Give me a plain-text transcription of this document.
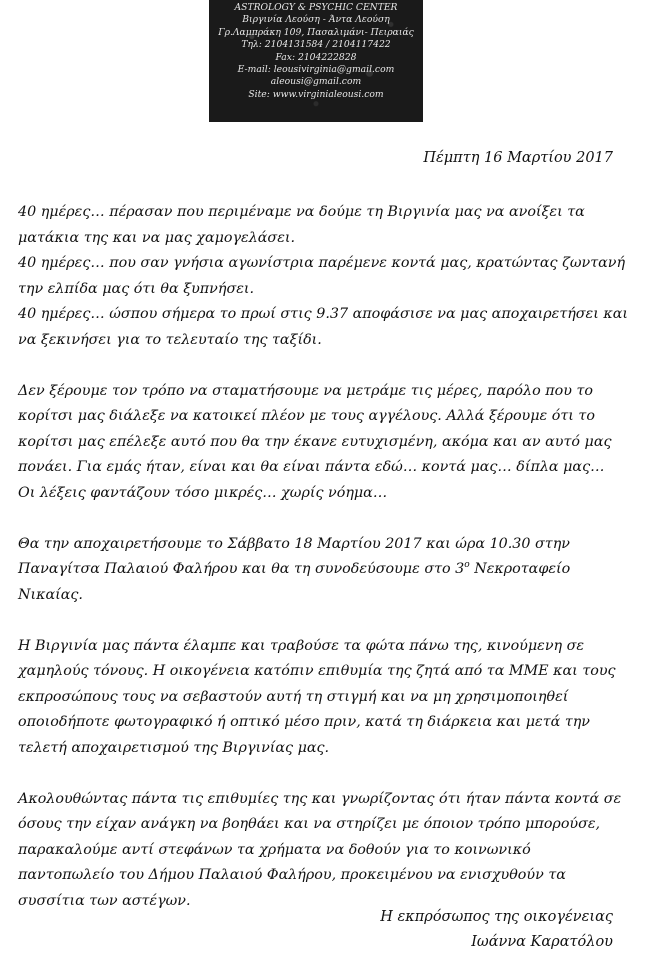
ASTROLOGY & PSYCHIC CENTER
Βιργινία Λεούση - Άντα Λεούση
Γρ.Λαμπράκη 109, Πασαλιμάνι- Πειραιάς
Τηλ: 2104131584 / 2104117422
Fax: 2104222828
E-mail: leousivirginia@gmail.com
aleousi@gmail.com
Site: www.virginialeousi.com
Πέμπτη 16 Μαρτίου 2017

40 ημέρες… πέρασαν που περιμέναμε να δούμε τη Βιργινία μας να ανοίξει τα
ματάκια της και να μας χαμογελάσει.
40 ημέρες… που σαν γνήσια αγωνίστρια παρέμενε κοντά μας, κρατώντας ζωντανή
την ελπίδα μας ότι θα ξυπνήσει.
40 ημέρες… ώσπου σήμερα το πρωί στις 9.37 αποφάσισε να μας αποχαιρετήσει και
να ξεκινήσει για το τελευταίο της ταξίδι.

Δεν ξέρουμε τον τρόπο να σταματήσουμε να μετράμε τις μέρες, παρόλο που το
κορίτσι μας διάλεξε να κατοικεί πλέον με τους αγγέλους. Αλλά ξέρουμε ότι το
κορίτσι μας επέλεξε αυτό που θα την έκανε ευτυχισμένη, ακόμα και αν αυτό μας
πονάει. Για εμάς ήταν, είναι και θα είναι πάντα εδώ… κοντά μας… δίπλα μας…
Οι λέξεις φαντάζουν τόσο μικρές… χωρίς νόημα…

Θα την αποχαιρετήσουμε το Σάββατο 18 Μαρτίου 2017 και ώρα 10.30 στην
Παναγίτσα Παλαιού Φαλήρου και θα τη συνοδεύσουμε στο $3^o$ Νεκροταφείο
Νικαίας.

Η Βιργινία μας πάντα έλαμπε και τραβούσε τα φώτα πάνω της, κινούμενη σε
χαμηλούς τόνους. Η οικογένεια κατόπιν επιθυμία της ζητά από τα ΜΜΕ και τους
εκπροσώπους τους να σεβαστούν αυτή τη στιγμή και να μη χρησιμοποιηθεί
οποιοδήποτε φωτογραφικό ή οπτικό μέσο πριν, κατά τη διάρκεια και μετά την
τελετή αποχαιρετισμού της Βιργινίας μας.

Ακολουθώντας πάντα τις επιθυμίες της και γνωρίζοντας ότι ήταν πάντα κοντά σε
όσους την είχαν ανάγκη να βοηθάει και να στηρίζει με όποιον τρόπο μπορούσε,
παρακαλούμε αντί στεφάνων τα χρήματα να δοθούν για το κοινωνικό
παντοπωλείο του Δήμου Παλαιού Φαλήρου, προκειμένου να ενισχυθούν τα
συσσίτια των αστέγων.

Η εκπρόσωπος της οικογένειας
Ιωάννα Καρατόλου
